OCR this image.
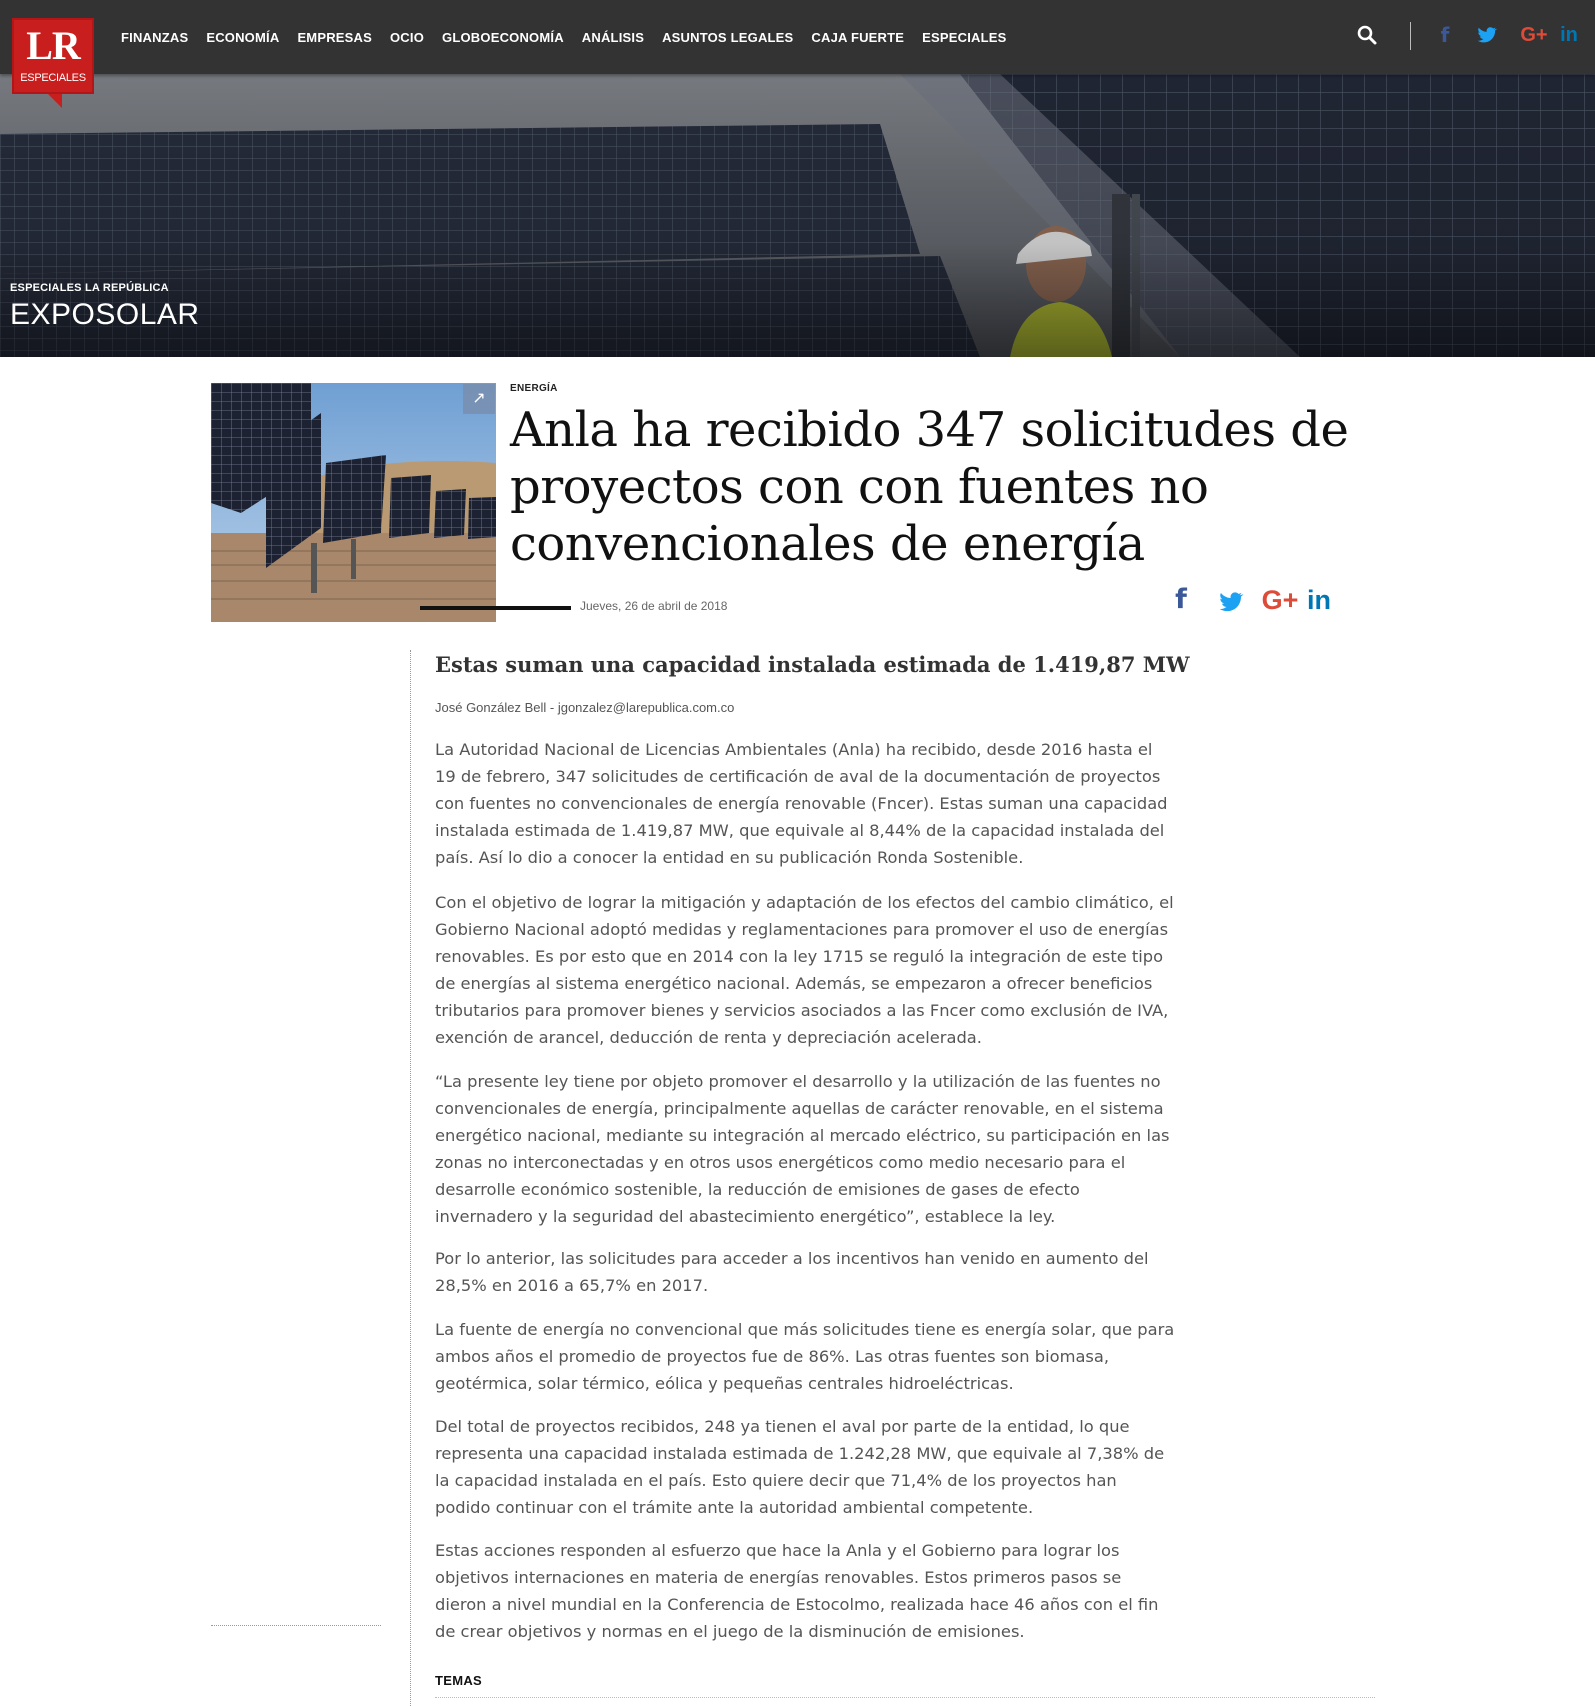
FINANZAS ECONOMÍA EMPRESAS OCIO GLOBOECONOMÍA ANÁLISIS ASUNTOS LEGALES CAJA FUERTE ESPECIALES	f	G+ in
LR
ESPECIALES
ESPECIALES LA REPÚBLICA
EXPOSOLAR
↗
ENERGÍA
Anla ha recibido 347 solicitudes de proyectos con con fuentes no convencionales de energía
Jueves, 26 de abril de 2018	f	G+ in
Estas suman una capacidad instalada estimada de 1.419,87 MW
José González Bell - jgonzalez@larepublica.com.co

La Autoridad Nacional de Licencias Ambientales (Anla) ha recibido, desde 2016 hasta el 19 de febrero, 347 solicitudes de certificación de aval de la documentación de proyectos con fuentes no convencionales de energía renovable (Fncer). Estas suman una capacidad instalada estimada de 1.419,87 MW, que equivale al 8,44% de la capacidad instalada del país. Así lo dio a conocer la entidad en su publicación Ronda Sostenible.

Con el objetivo de lograr la mitigación y adaptación de los efectos del cambio climático, el Gobierno Nacional adoptó medidas y reglamentaciones para promover el uso de energías renovables. Es por esto que en 2014 con la ley 1715 se reguló la integración de este tipo de energías al sistema energético nacional. Además, se empezaron a ofrecer beneficios tributarios para promover bienes y servicios asociados a las Fncer como exclusión de IVA, exención de arancel, deducción de renta y depreciación acelerada.

“La presente ley tiene por objeto promover el desarrollo y la utilización de las fuentes no convencionales de energía, principalmente aquellas de carácter renovable, en el sistema energético nacional, mediante su integración al mercado eléctrico, su participación en las zonas no interconectadas y en otros usos energéticos como medio necesario para el desarrolle económico sostenible, la reducción de emisiones de gases de efecto invernadero y la seguridad del abastecimiento energético”, establece la ley.

Por lo anterior, las solicitudes para acceder a los incentivos han venido en aumento del 28,5% en 2016 a 65,7% en 2017.

La fuente de energía no convencional que más solicitudes tiene es energía solar, que para ambos años el promedio de proyectos fue de 86%. Las otras fuentes son biomasa, geotérmica, solar térmico, eólica y pequeñas centrales hidroeléctricas.

Del total de proyectos recibidos, 248 ya tienen el aval por parte de la entidad, lo que representa una capacidad instalada estimada de 1.242,28 MW, que equivale al 7,38% de la capacidad instalada en el país. Esto quiere decir que 71,4% de los proyectos han podido continuar con el trámite ante la autoridad ambiental competente.

Estas acciones responden al esfuerzo que hace la Anla y el Gobierno para lograr los objetivos internaciones en materia de energías renovables. Estos primeros pasos se dieron a nivel mundial en la Conferencia de Estocolmo, realizada hace 46 años con el fin de crear objetivos y normas en el juego de la disminución de emisiones.

TEMAS
